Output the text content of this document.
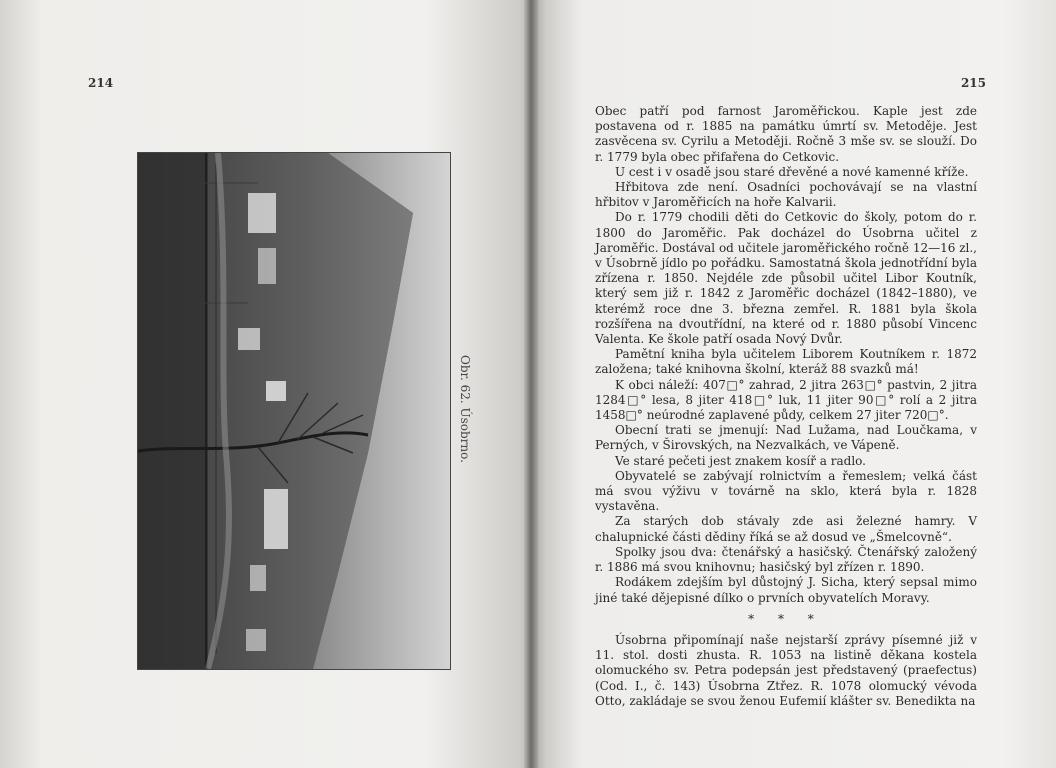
214
Obr. 62. Úsobrno.
215

Obec patří pod farnost Jaroměřickou. Kaple jest zde postavena od r. 1885 na památku úmrtí sv. Metoděje. Jest zasvěcena sv. Cyrilu a Metoději. Ročně 3 mše sv. se slouží. Do r. 1779 byla obec přifařena do Cetkovic.

U cest i v osadě jsou staré dřevěné a nové kamenné kříže.

Hřbitova zde není. Osadníci pochovávají se na vlastní hřbitov v Jaroměřicích na hoře Kalvarii.

Do r. 1779 chodili děti do Cetkovic do školy, potom do r. 1800 do Jaroměřic. Pak docházel do Úsobrna učitel z Jaroměřic. Dostával od učitele jaroměřického ročně 12—16 zl., v Úsobrně jídlo po pořádku. Samostatná škola jednotřídní byla zřízena r. 1850. Nejdéle zde působil učitel Libor Koutník, který sem již r. 1842 z Jaroměřic docházel (1842–1880), ve kterémž roce dne 3. března zemřel. R. 1881 byla škola rozšířena na dvoutřídní, na které od r. 1880 působí Vincenc Valenta. Ke škole patří osada Nový Dvůr.

Pamětní kniha byla učitelem Liborem Koutníkem r. 1872 založena; také knihovna školní, kteráž 88 svazků má!

K obci náleží: 407□° zahrad, 2 jitra 263□° pastvin, 2 jitra 1284□° lesa, 8 jiter 418□° luk, 11 jiter 90□° rolí a 2 jitra 1458□° neúrodné zaplavené půdy, celkem 27 jiter 720□°.

Obecní trati se jmenují: Nad Lužama, nad Loučkama, v Perných, v Širovských, na Nezvalkách, ve Vápeně.

Ve staré pečeti jest znakem kosíř a radlo.

Obyvatelé se zabývají rolnictvím a řemeslem; velká část má svou výživu v továrně na sklo, která byla r. 1828 vystavěna.

Za starých dob stávaly zde asi železné hamry. V chalupnické části dědiny říká se až dosud ve „Šmelcovně“.

Spolky jsou dva: čtenářský a hasičský. Čtenářský založený r. 1886 má svou knihovnu; hasičský byl zřízen r. 1890.

Rodákem zdejším byl důstojný J. Sicha, který sepsal mimo jiné také dějepisné dílko o prvních obyvatelích Moravy.

* * *

Úsobrna připomínají naše nejstarší zprávy písemné již v 11. stol. dosti zhusta. R. 1053 na listině děkana kostela olomuckého sv. Petra podepsán jest představený (praefectus) (Cod. I., č. 143) Úsobrna Ztřez. R. 1078 olomucký vévoda Otto, zakládaje se svou ženou Eufemií klášter sv. Benedikta na
